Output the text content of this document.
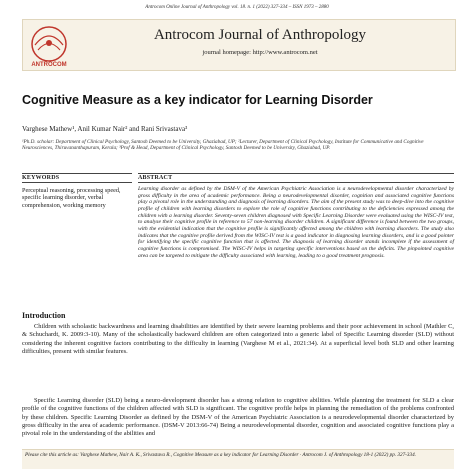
Antrocom Online Journal of Anthropology vol. 18. n. 1 (2022) 327-334 – ISSN 1973 – 2880
ANTROCOM
Antrocom Journal of Anthropology
journal homepage: http://www.antrocom.net
Cognitive Measure as a key indicator for Learning Disorder
Varghese Mathew¹, Anil Kumar Nair² and Rani Srivastava³
¹Ph.D. scholar: Department of Clinical Psychology, Santosh Deemed to be University, Ghaziabad, UP; ²Lecturer, Department of Clinical Psychology, Institute for Communicative and Cognitive Neurosciences, Thiruvananthapuram, Kerala; ³Prof & Head, Department of Clinical Psychology, Santosh Deemed to be University, Ghaziabad, UP.
KEYWORDS
Perceptual reasoning, processing speed, specific learning disorder, verbal comprehension, working memory
ABSTRACT
Learning disorder as defined by the DSM-V of the American Psychiatric Association is a neurodevelopmental disorder characterized by gross difficulty in the area of academic performance. Being a neurodevelopmental disorder, cognition and associated cognitive functions play a pivotal role in the understanding and diagnosis of learning disorders. The aim of the present study was to deep-dive into the cognitive profile of children with learning disorders to explore the role of cognitive functions contributing to the deficiencies expressed among the children with a learning disorder. Seventy-seven children diagnosed with Specific Learning Disorder were evaluated using the WISC-IV test, to analyse their cognitive profile in reference to 57 non-learning disorder children. A significant difference is found between the two groups, with the evidential indication that the cognitive profile is significantly affected among the children with learning disorders. The study also indicates that the cognitive profile derived from the WISC-IV test is a good indicator in diagnosing learning disorders, and is a good pointer for identifying the specific cognitive function that is affected. The diagnosis of learning disorder stands incomplete if the assessment of cognitive functions is compromised. The WISC-IV helps in targeting specific interventions based on the deficits. The pinpointed cognitive area can be targeted to mitigate the difficulty associated with learning, leading to a good treatment prognosis.
Introduction
Children with scholastic backwardness and learning disabilities are identified by their severe learning problems and their poor achievement in school (Mathler C, & Schuchardt, K. 2009:3-10). Many of the scholastically backward children are often categorized into a generic label of Specific Learning disorder (SLD) without considering the inherent cognitive factors contributing to the difficulty in learning (Varghese M et al., 2021:34). At a superficial level both SLD and other learning difficulties, present with similar features.
Specific Learning disorder (SLD) being a neuro-development disorder has a strong relation to cognitive abilities. While planning the treatment for SLD a clear profile of the cognitive functions of the children affected with SLD is significant. The cognitive profile helps in planning the remediation of the problems confronted by these children. Specific Learning Disorder as defined by the DSM-V of the American Psychiatric Association is a neurodevelopmental disorder characterized by gross difficulty in the area of academic performance. (DSM-V 2013:66-74) Being a neurodevelopmental disorder, cognition and associated cognitive functions play a pivotal role in the understanding of the abilities and
Please cite this article as: Varghese Mathew, Nair A. K., Srivastava R., Cognitive Measure as a key indicator for Learning Disorder · Antrocom J. of Anthropology 18-1 (2022) pp. 327-334.
